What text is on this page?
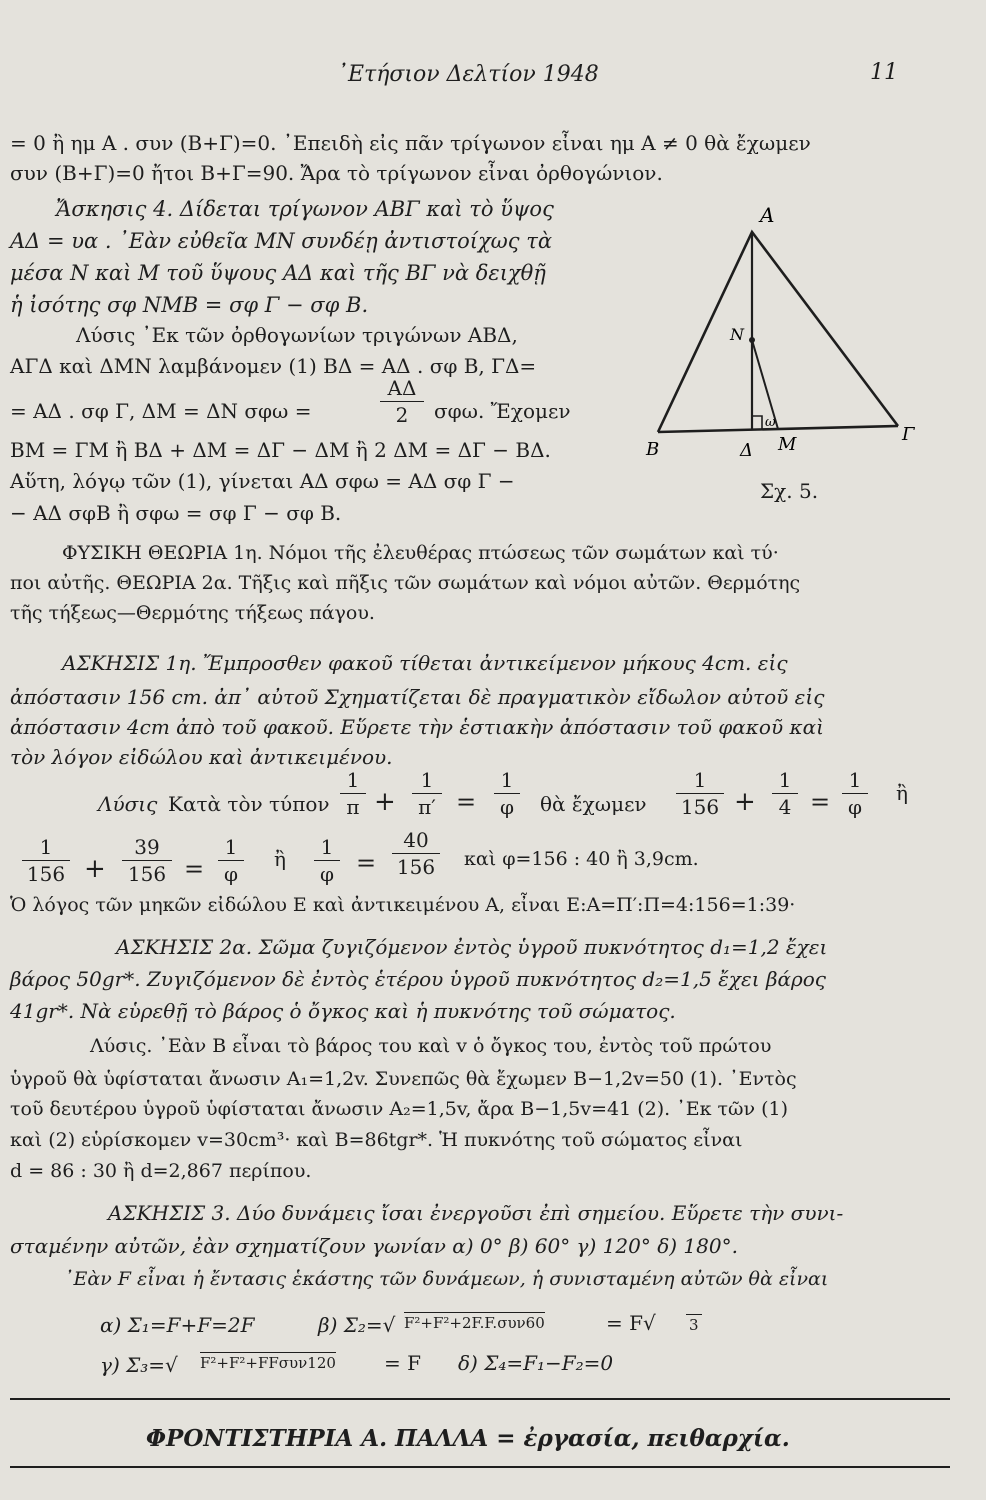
᾿Ετήσιον Δελτίον 1948	11
= 0 ἢ ημ Α . συν (Β+Γ)=0. ᾿Επειδὴ εἰς πᾶν τρίγωνον εἶναι ημ Α ≠ 0 θὰ ἔχωμεν
συν (Β+Γ)=0 ἤτοι Β+Γ=90. Ἄρα τὸ τρίγωνον εἶναι ὀρθογώνιον.
Ἄσκησις 4. Δίδεται τρίγωνον ΑΒΓ καὶ τὸ ὕψος
ΑΔ = υα . ᾿Εὰν εὐθεῖα ΜΝ συνδέῃ ἀντιστοίχως τὰ
μέσα Ν καὶ Μ τοῦ ὕψους ΑΔ καὶ τῆς ΒΓ νὰ δειχθῇ
ἡ ἰσότης σφ ΝΜΒ = σφ Γ − σφ Β.
Λύσις ᾿Εκ τῶν ὀρθογωνίων τριγώνων ΑΒΔ,
ΑΓΔ καὶ ΔΜΝ λαμβάνομεν (1) ΒΔ = ΑΔ . σφ Β, ΓΔ=
= ΑΔ . σφ Γ, ΔΜ = ΔΝ σφω =
ΑΔ
2	σφω. Ἔχομεν
ΒΜ = ΓΜ ἢ ΒΔ + ΔΜ = ΔΓ − ΔΜ ἢ 2 ΔΜ = ΔΓ − ΒΔ.
Αὕτη, λόγῳ τῶν (1), γίνεται ΑΔ σφω = ΑΔ σφ Γ −
− ΑΔ σφΒ ἢ σφω = σφ Γ − σφ Β.
Α
Ν
ω
Β	Δ Μ	Γ
Σχ. 5.
ΦΥΣΙΚΗ ΘΕΩΡΙΑ 1η. Νόμοι τῆς ἐλευθέρας πτώσεως τῶν σωμάτων καὶ τύ·
ποι αὐτῆς. ΘΕΩΡΙΑ 2α. Τῆξις καὶ πῆξις τῶν σωμάτων καὶ νόμοι αὐτῶν. Θερμότης
τῆς τήξεως—Θερμότης τήξεως πάγου.
ΑΣΚΗΣΙΣ 1η. Ἔμπροσθεν φακοῦ τίθεται ἀντικείμενον μήκους 4cm. εἰς
ἀπόστασιν 156 cm. ἀπ᾿ αὐτοῦ Σχηματίζεται δὲ πραγματικὸν εἴδωλον αὐτοῦ εἰς
ἀπόστασιν 4cm ἀπὸ τοῦ φακοῦ. Εὕρετε τὴν ἑστιακὴν ἀπόστασιν τοῦ φακοῦ καὶ
τὸν λόγον εἰδώλου καὶ ἀντικειμένου.
Λύσις Κατὰ τὸν τύπον
1
π +
1
π′ =
1
φ	θὰ ἔχωμεν
1
156 +
1
4 =
1
φ
ἢ
1
156 +
39
156 =
1
φ
ἢ	1
φ =
40
156 καὶ φ=156 : 40 ἢ 3,9cm.
Ὁ λόγος τῶν μηκῶν εἰδώλου Ε καὶ ἀντικειμένου Α, εἶναι Ε:Α=Π′:Π=4:156=1:39·
ΑΣΚΗΣΙΣ 2α. Σῶμα ζυγιζόμενον ἐντὸς ὑγροῦ πυκνότητος d₁=1,2 ἔχει
βάρος 50gr*. Ζυγιζόμενον δὲ ἐντὸς ἑτέρου ὑγροῦ πυκνότητος d₂=1,5 ἔχει βάρος
41gr*. Νὰ εὑρεθῇ τὸ βάρος ὁ ὄγκος καὶ ἡ πυκνότης τοῦ σώματος.
Λύσις. ᾿Εὰν Β εἶναι τὸ βάρος του καὶ v ὁ ὄγκος του, ἐντὸς τοῦ πρώτου
ὑγροῦ θὰ ὑφίσταται ἄνωσιν Α₁=1,2v. Συνεπῶς θὰ ἔχωμεν Β−1,2v=50 (1). ᾿Εντὸς
τοῦ δευτέρου ὑγροῦ ὑφίσταται ἄνωσιν Α₂=1,5v, ἄρα Β−1,5v=41 (2). ᾿Εκ τῶν (1)
καὶ (2) εὑρίσκομεν v=30cm³· καὶ Β=86tgr*. Ἡ πυκνότης τοῦ σώματος εἶναι
d = 86 : 30 ἢ d=2,867 περίπου.
ΑΣΚΗΣΙΣ 3. Δύο δυνάμεις ἴσαι ἐνεργοῦσι ἐπὶ σημείου. Εὕρετε τὴν συνι-
σταμένην αὐτῶν, ἐὰν σχηματίζουν γωνίαν α) 0° β) 60° γ) 120° δ) 180°.
᾿Εὰν F εἶναι ἡ ἔντασις ἑκάστης τῶν δυνάμεων, ἡ συνισταμένη αὐτῶν θὰ εἶναι
α) Σ₁=F+F=2F	β) Σ₂=√ F²+F²+2F.F.συν60	= F√ 3
γ) Σ₃=√ F²+F²+FFσυν120 = F δ) Σ₄=F₁−F₂=0
ΦΡΟΝΤΙΣΤΗΡΙΑ Α. ΠΑΛΛΑ = ἐργασία, πειθαρχία.
